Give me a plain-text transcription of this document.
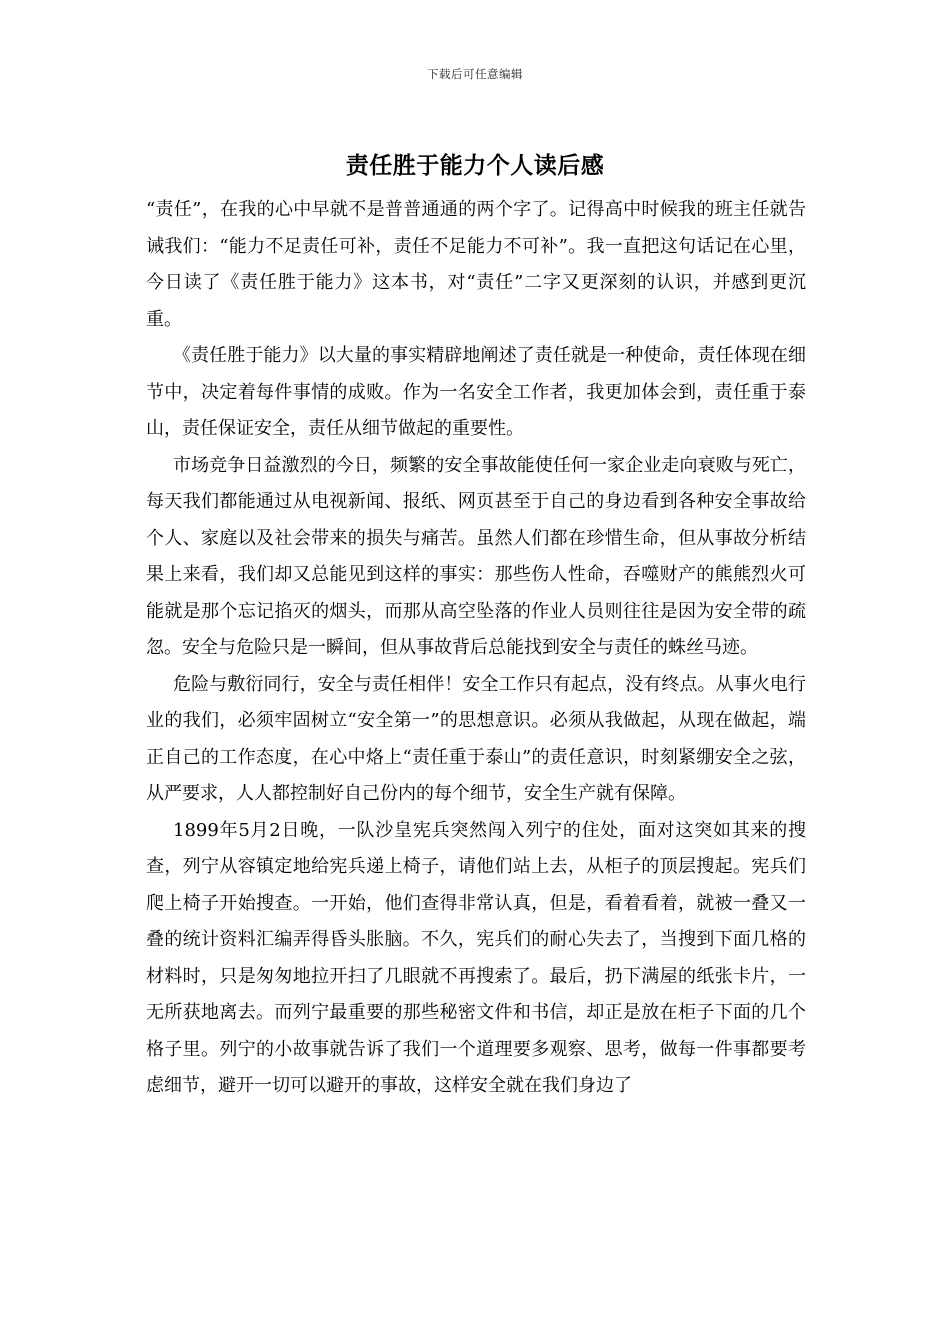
下载后可任意编辑
责任胜于能力个人读后感

“责任”，在我的心中早就不是普普通通的两个字了。记得高中时候我的班主任就告诫我们：“能力不足责任可补，责任不足能力不可补”。我一直把这句话记在心里，今日读了《责任胜于能力》这本书，对“责任”二字又更深刻的认识，并感到更沉重。

《责任胜于能力》以大量的事实精辟地阐述了责任就是一种使命，责任体现在细节中，决定着每件事情的成败。作为一名安全工作者，我更加体会到，责任重于泰山，责任保证安全，责任从细节做起的重要性。

市场竞争日益激烈的今日，频繁的安全事故能使任何一家企业走向衰败与死亡，每天我们都能通过从电视新闻、报纸、网页甚至于自己的身边看到各种安全事故给个人、家庭以及社会带来的损失与痛苦。虽然人们都在珍惜生命，但从事故分析结果上来看，我们却又总能见到这样的事实：那些伤人性命，吞噬财产的熊熊烈火可能就是那个忘记掐灭的烟头，而那从高空坠落的作业人员则往往是因为安全带的疏忽。安全与危险只是一瞬间，但从事故背后总能找到安全与责任的蛛丝马迹。

危险与敷衍同行，安全与责任相伴！安全工作只有起点，没有终点。从事火电行业的我们，必须牢固树立“安全第一”的思想意识。必须从我做起，从现在做起，端正自己的工作态度，在心中烙上“责任重于泰山”的责任意识，时刻紧绷安全之弦，从严要求，人人都控制好自己份内的每个细节，安全生产就有保障。

1899年5月2日晚，一队沙皇宪兵突然闯入列宁的住处，面对这突如其来的搜查，列宁从容镇定地给宪兵递上椅子，请他们站上去，从柜子的顶层搜起。宪兵们爬上椅子开始搜查。一开始，他们查得非常认真，但是，看着看着，就被一叠又一叠的统计资料汇编弄得昏头胀脑。不久，宪兵们的耐心失去了，当搜到下面几格的材料时，只是匆匆地拉开扫了几眼就不再搜索了。最后，扔下满屋的纸张卡片，一无所获地离去。而列宁最重要的那些秘密文件和书信，却正是放在柜子下面的几个格子里。列宁的小故事就告诉了我们一个道理要多观察、思考，做每一件事都要考虑细节，避开一切可以避开的事故，这样安全就在我们身边了
